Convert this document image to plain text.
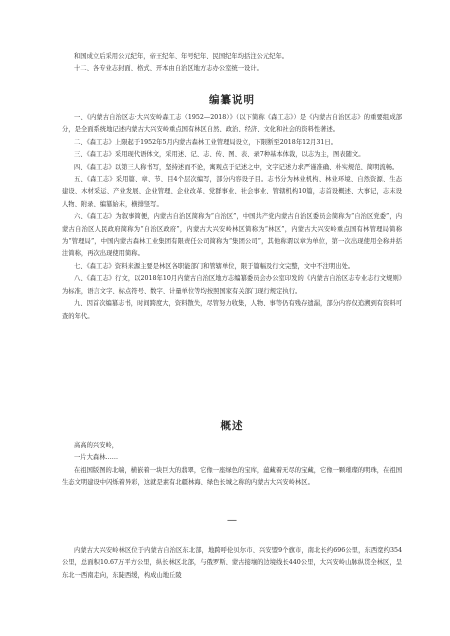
和国成立后采用公元纪年，帝王纪年、年号纪年、民国纪年均括注公元纪年。

十二、各专业志封面、格式、开本由自治区地方志办公室统一设计。

编纂说明

一、《内蒙古自治区志·大兴安岭森工志（1952—2018）》（以下简称《森工志》）是《内蒙古自治区志》的重要组成部分，是全面系统地记述内蒙古大兴安岭重点国有林区自然、政治、经济、文化和社会的资料性著述。

二、《森工志》上限起于1952年5月内蒙古森林工业管理局设立，下限断至2018年12月31日。

三、《森工志》采用现代语体文，采用述、记、志、传、图、表、录7种基本体裁，以志为主，图表随文。

四、《森工志》以第三人称书写，坚持述而不论，寓观点于记述之中，文字记述力求严谨准确、朴实规范、简明流畅。

五、《森工志》采用篇、章、节、目4个层次编写，部分内容设子目。志书分为林业机构、林业环境、自然资源、生态建设、木材采运、产业发展、企业管理、企业改革、党群事业、社会事业、管辖机构10篇，志首设概述、大事记，志末设人物、附录、编纂始末，横排竖写。

六、《森工志》为叙事简便，内蒙古自治区简称为“自治区”，中国共产党内蒙古自治区委员会简称为“自治区党委”，内蒙古自治区人民政府简称为“自治区政府”，内蒙古大兴安岭林区简称为“林区”，内蒙古大兴安岭重点国有林管理局简称为“管理局”，中国内蒙古森林工业集团有限责任公司简称为“集团公司”，其他称谓以章为单位，第一次出现使用全称并括注简称，再次出现使用简称。

七、《森工志》资料来源主要是林区各职能部门和管辖单位，限于篇幅及行文完整，文中不注明出处。

八、《森工志》行文，以2018年10月内蒙古自治区地方志编纂委员会办公室印发的《内蒙古自治区志专业志行文规则》为标准，语言文字、标点符号、数字、计量单位等均按照国家有关部门现行规定执行。

九、因首次编纂志书，时间跨度大，资料散失，尽管努力收集，人物、事等仍有残存遗漏，部分内容仅追溯到有资料可查的年代。

概述

高高的兴安岭，

一片大森林……

在祖国版图的北端，横嵌着一块巨大的翡翠，它像一座绿色的宝库，蕴藏着无尽的宝藏，它像一颗璀璨的明珠，在祖国生态文明建设中闪烁着异彩，这就是素有北疆林海、绿色长城之称的内蒙古大兴安岭林区。

—

内蒙古大兴安岭林区位于内蒙古自治区东北部，地跨呼伦贝尔市、兴安盟9个旗市，南北长约696公里，东西宽约354公里，总面积10.67万平方公里，纵长林区北部，与俄罗斯、蒙古接壤的边境线长440公里，大兴安岭山脉纵贯全林区，呈东北一西南走向，东陡西缓，构成山地丘陵
